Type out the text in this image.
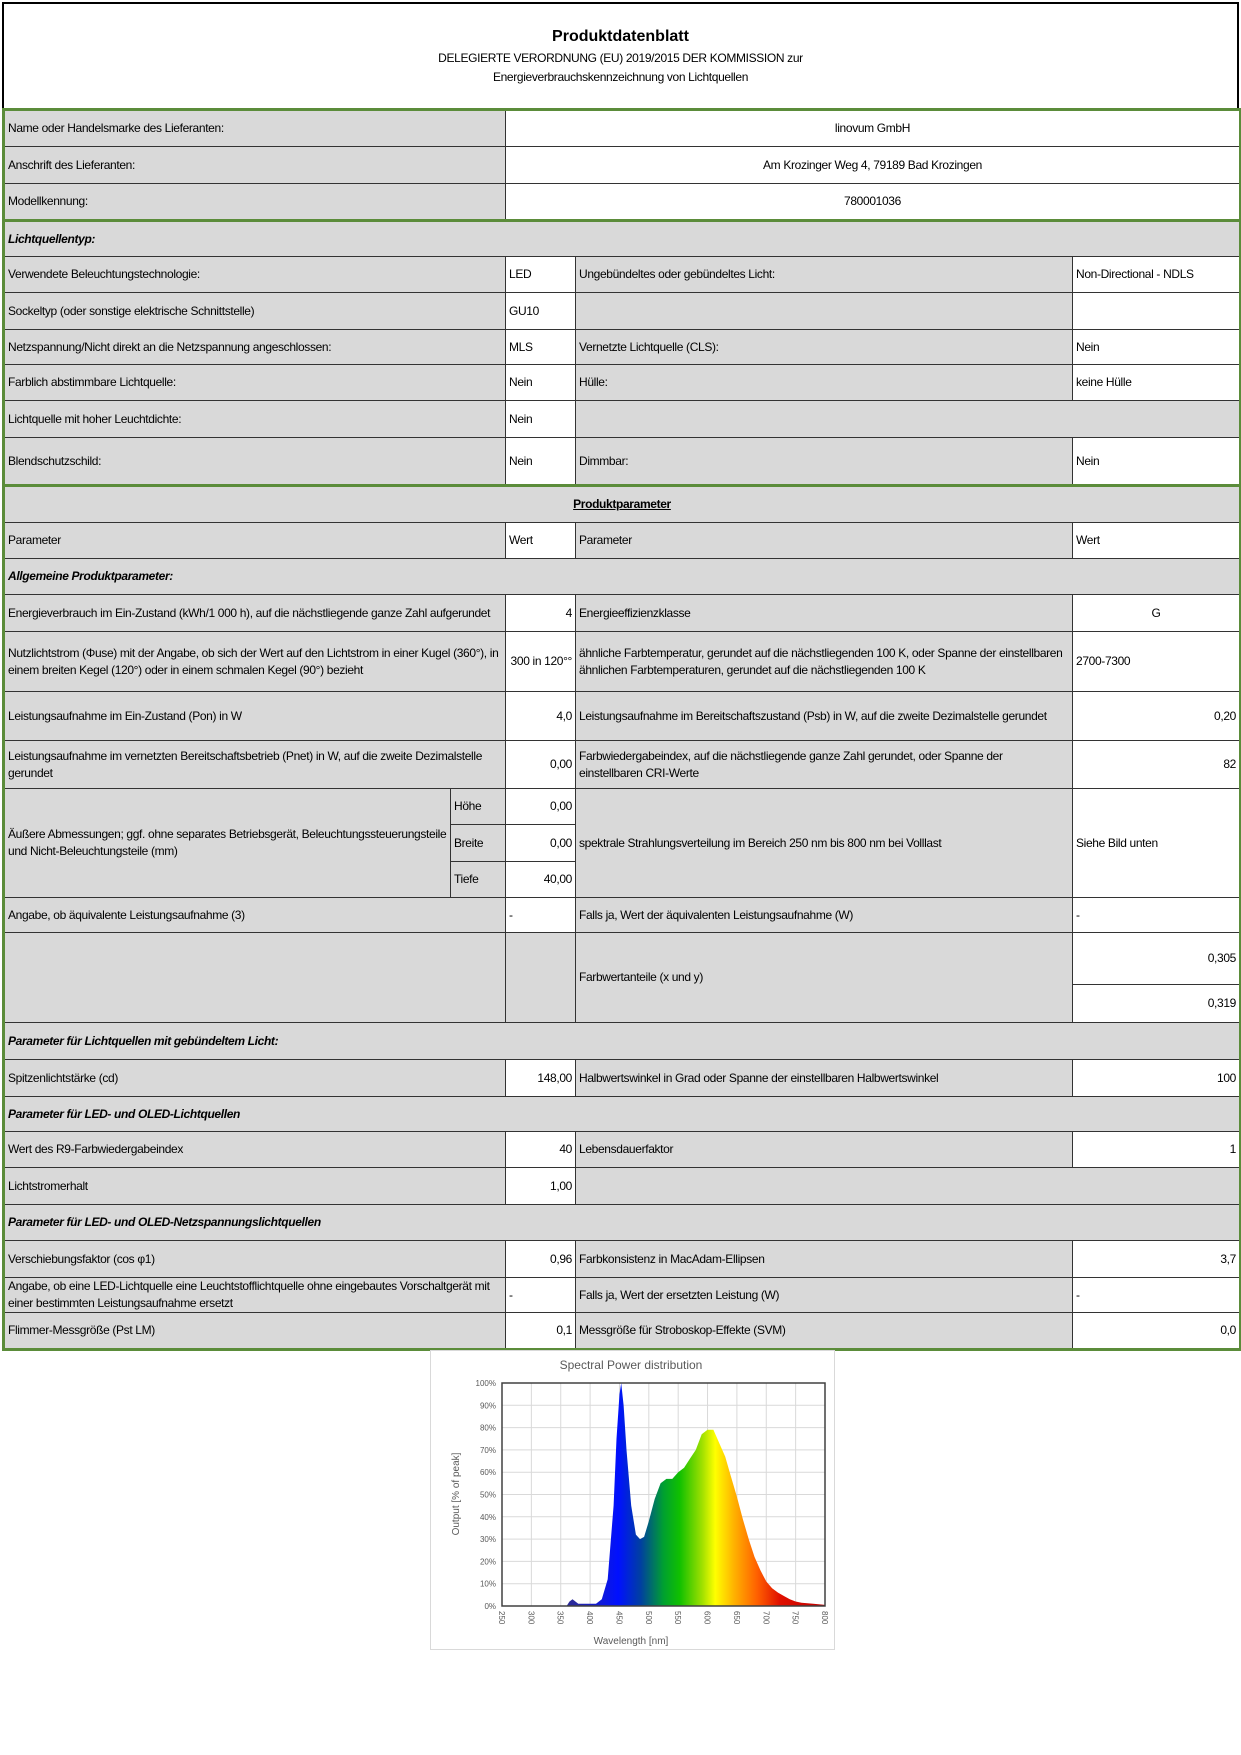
Produktdatenblatt
DELEGIERTE VERORDNUNG (EU) 2019/2015 DER KOMMISSION zur
Energieverbrauchskennzeichnung von Lichtquellen
Name oder Handelsmarke des Lieferanten:		linovum GmbH		
Anschrift des Lieferanten:		Am Krozinger Weg 4, 79189 Bad Krozingen		
Modellkennung:		780001036		
Lichtquellentyp:				
Verwendete Beleuchtungstechnologie:		LED	Ungebündeltes oder gebündeltes Licht:	Non-Directional - NDLS
Sockeltyp (oder sonstige elektrische Schnittstelle)		GU10		
Netzspannung/Nicht direkt an die Netzspannung angeschlossen:		MLS	Vernetzte Lichtquelle (CLS):	Nein
Farblich abstimmbare Lichtquelle:		Nein	Hülle:	keine Hülle
Lichtquelle mit hoher Leuchtdichte:		Nein		
Blendschutzschild:		Nein	Dimmbar:	Nein
Produktparameter				
Parameter		Wert	Parameter	Wert
Allgemeine Produktparameter:				
Energieverbrauch im Ein-Zustand (kWh/1 000 h), auf die nächstliegende ganze Zahl aufgerundet		4	Energieeffizienzklasse	G
Nutzlichtstrom (Φuse) mit der Angabe, ob sich der Wert auf den Lichtstrom in einer Kugel (360°), in einem breiten Kegel (120°) oder in einem schmalen Kegel (90°) bezieht		300 in 120°°	ähnliche Farbtemperatur, gerundet auf die nächstliegenden 100 K, oder Spanne der einstellbaren ähnlichen Farbtemperaturen, gerundet auf die nächstliegenden 100 K	2700-7300
Leistungsaufnahme im Ein-Zustand (Pon) in W		4,0	Leistungsaufnahme im Bereitschaftszustand (Psb) in W, auf die zweite Dezimalstelle gerundet	0,20
Leistungsaufnahme im vernetzten Bereitschaftsbetrieb (Pnet) in W, auf die zweite Dezimalstelle gerundet		0,00	Farbwiedergabeindex, auf die nächstliegende ganze Zahl gerundet, oder Spanne der einstellbaren CRI-Werte	82
Äußere Abmessungen; ggf. ohne separates Betriebsgerät, Beleuchtungssteuerungsteile und Nicht-Beleuchtungsteile (mm)	Höhe	0,00	spektrale Strahlungsverteilung im Bereich 250 nm bis 800 nm bei Volllast	Siehe Bild unten
	Breite	0,00		
	Tiefe	40,00		
Angabe, ob äquivalente Leistungsaufnahme (3)		-	Falls ja, Wert der äquivalenten Leistungsaufnahme (W)	-
			Farbwertanteile (x und y)	0,305
				0,319
Parameter für Lichtquellen mit gebündeltem Licht:				
Spitzenlichtstärke (cd)		148,00	Halbwertswinkel in Grad oder Spanne der einstellbaren Halbwertswinkel	100
Parameter für LED- und OLED-Lichtquellen				
Wert des R9-Farbwiedergabeindex		40	Lebensdauerfaktor	1
Lichtstromerhalt		1,00		
Parameter für LED- und OLED-Netzspannungslichtquellen				
Verschiebungsfaktor (cos φ1)		0,96	Farbkonsistenz in MacAdam-Ellipsen	3,7
Angabe, ob eine LED-Lichtquelle eine Leuchtstofflichtquelle ohne eingebautes Vorschaltgerät mit einer bestimmten Leistungsaufnahme ersetzt		-	Falls ja, Wert der ersetzten Leistung (W)	-
Flimmer-Messgröße (Pst LM)		0,1	Messgröße für Stroboskop-Effekte (SVM)	0,0
Spectral Power distribution
250	300	350	400	450	500	550	600	650	700	750	800
0%
10%
20%
30%
40%
50%
60%
70%
80%
90%
100%
Wavelength [nm]
Output [% of peak]
